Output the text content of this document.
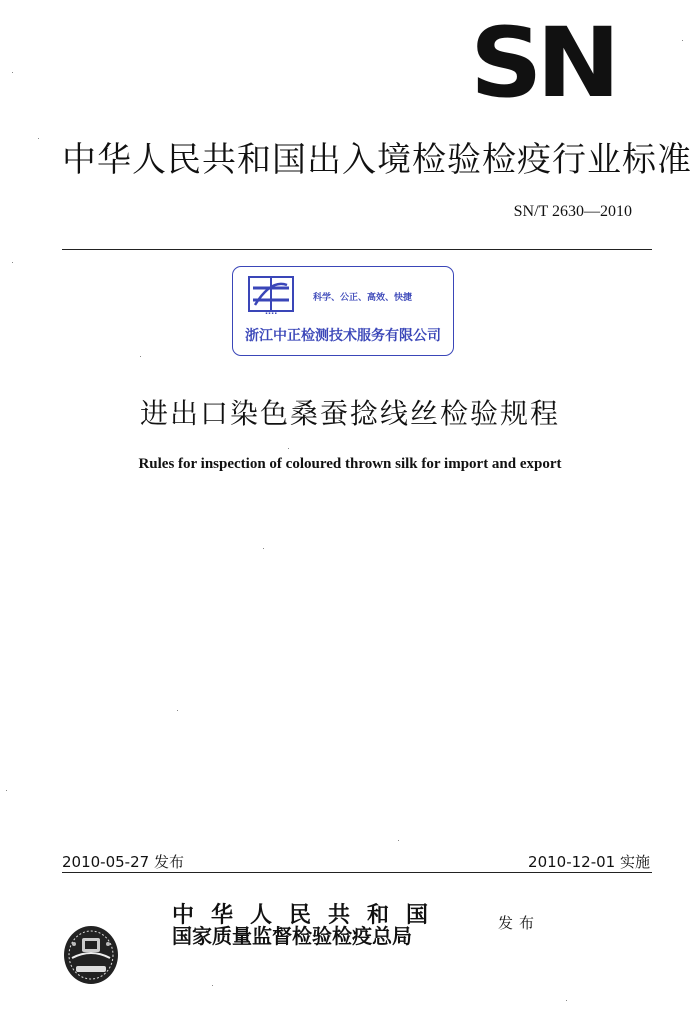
SN
中华人民共和国出入境检验检疫行业标准
SN/T 2630—2010
▪ ▪ ▪ ▪
科学、公正、高效、快捷
浙江中正检测技术服务有限公司
进出口染色桑蚕捻线丝检验规程
Rules for inspection of coloured thrown silk for import and export
2010-05-27 发布	2010-12-01 实施
中华人民共和国
国家质量监督检验检疫总局
发布
